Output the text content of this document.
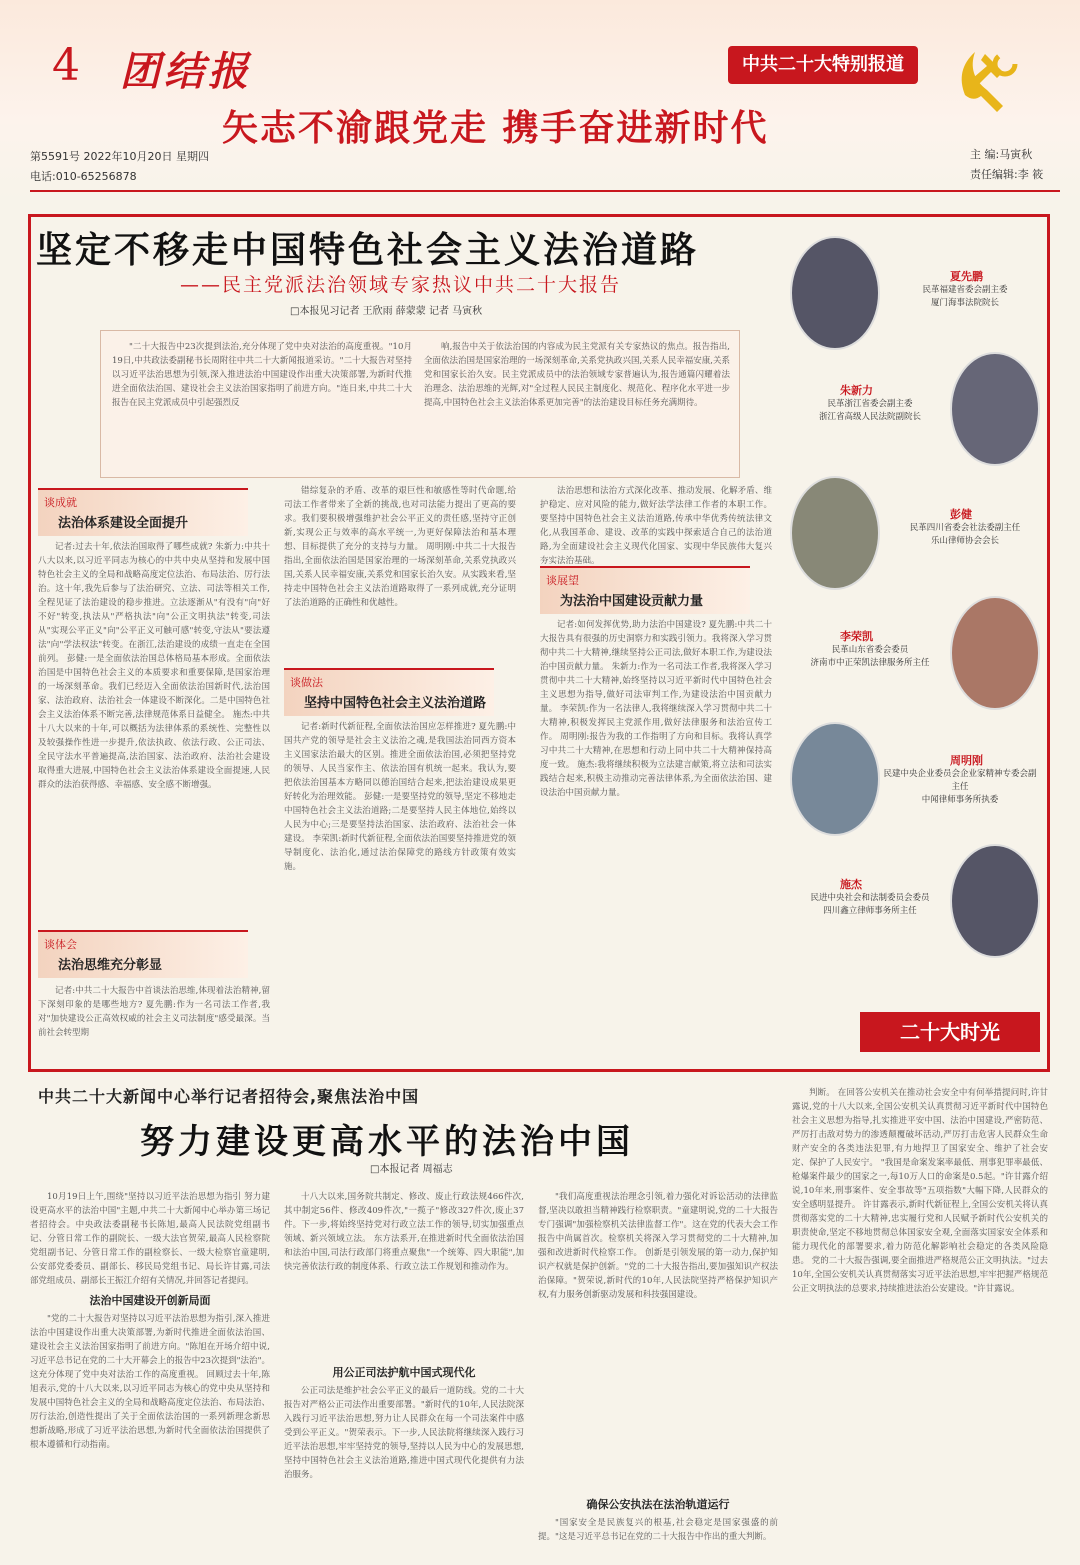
4 团结报	中共二十大特别报道
矢志不渝跟党走 携手奋进新时代
第5591号 2022年10月20日 星期四
电话:010-65256878
主 编:马寅秋
责任编辑:李 筱
坚定不移走中国特色社会主义法治道路
——民主党派法治领域专家热议中共二十大报告
□本报见习记者 王欣雨 薛蒙蒙 记者 马寅秋

"二十大报告中23次提到法治,充分体现了党中央对法治的高度重视。"10月19日,中共政法委副秘书长周附往中共二十大新闻报道采访。"二十大报告对坚持以习近平法治思想为引领,深入推进法治中国建设作出重大决策部署,为新时代推进全面依法治国、建设社会主义法治国家指明了前进方向。"连日来,中共二十大报告在民主党派成员中引起强烈反

响,报告中关于依法治国的内容成为民主党派有关专家热议的焦点。报告指出,全面依法治国是国家治理的一场深刻革命,关系党执政兴国,关系人民幸福安康,关系党和国家长治久安。民主党派成员中的法治领域专家普遍认为,报告通篇闪耀着法治理念、法治思维的光辉,对"全过程人民民主制度化、规范化、程序化水平进一步提高,中国特色社会主义法治体系更加完善"的法治建设目标任务充满期待。

谈成就
法治体系建设全面提升
谈体会
法治思维充分彰显
谈做法
坚持中国特色社会主义法治道路
谈展望
为法治中国建设贡献力量

记者:过去十年,依法治国取得了哪些成就? 朱新力:中共十八大以来,以习近平同志为核心的中共中央从坚持和发展中国特色社会主义的全局和战略高度定位法治、布局法治、厉行法治。这十年,我先后参与了法治研究、立法、司法等相关工作,全程见证了法治建设的稳步推进。立法逐渐从"有没有"向"好不好"转变,执法从"严格执法"向"公正文明执法"转变,司法从"实现公平正义"向"公平正义可触可感"转变,守法从"要法遵法"向"学法权法"转变。在浙江,法治建设的成绩一直走在全国前列。 彭健:一是全面依法治国总体格局基本形成。全面依法治国是中国特色社会主义的本质要求和重要保障,是国家治理的一场深刻革命。我们已经迈入全面依法治国新时代,法治国家、法治政府、法治社会一体建设不断深化。二是中国特色社会主义法治体系不断完善,法律规范体系日益健全。 施杰:中共十八大以来的十年,可以概括为法律体系的系统性、完整性以及较强操作性进一步提升,依法执政、依法行政、公正司法、全民守法水平普遍提高,法治国家、法治政府、法治社会建设取得重大进展,中国特色社会主义法治体系建设全面提速,人民群众的法治获得感、幸福感、安全感不断增强。

记者:中共二十大报告中首谈法治思维,体现着法治精神,留下深刻印象的是哪些地方? 夏先鹏:作为一名司法工作者,我对"加快建设公正高效权威的社会主义司法制度"感受最深。当前社会转型期

错综复杂的矛盾、改革的艰巨性和敏感性等时代命题,给司法工作者带来了全新的挑战,也对司法能力提出了更高的要求。我们要积极增强维护社会公平正义的责任感,坚持守正创新,实现公正与效率的高水平统一,为更好保障法治和基本理想、目标提供了充分的支持与力量。 周明刚:中共二十大报告指出,全面依法治国是国家治理的一场深刻革命,关系党执政兴国,关系人民幸福安康,关系党和国家长治久安。从实践来看,坚持走中国特色社会主义法治道路取得了一系列成就,充分证明了法治道路的正确性和优越性。

记者:新时代新征程,全面依法治国应怎样推进? 夏先鹏:中国共产党的领导是社会主义法治之魂,是我国法治同西方资本主义国家法治最大的区别。推进全面依法治国,必须把坚持党的领导、人民当家作主、依法治国有机统一起来。我认为,要把依法治国基本方略同以德治国结合起来,把法治建设成果更好转化为治理效能。 彭健:一是要坚持党的领导,坚定不移地走中国特色社会主义法治道路;二是要坚持人民主体地位,始终以人民为中心;三是要坚持法治国家、法治政府、法治社会一体建设。 李荣凯:新时代新征程,全面依法治国要坚持推进党的领导制度化、法治化,通过法治保障党的路线方针政策有效实施。

法治思想和法治方式深化改革、推动发展、化解矛盾、维护稳定、应对风险的能力,做好法学法律工作者的本职工作。要坚持中国特色社会主义法治道路,传承中华优秀传统法律文化,从我国革命、建设、改革的实践中探索适合自己的法治道路,为全面建设社会主义现代化国家、实现中华民族伟大复兴夯实法治基础。

记者:如何发挥优势,助力法治中国建设? 夏先鹏:中共二十大报告具有很强的历史洞察力和实践引领力。我将深入学习贯彻中共二十大精神,继续坚持公正司法,做好本职工作,为建设法治中国贡献力量。 朱新力:作为一名司法工作者,我将深入学习贯彻中共二十大精神,始终坚持以习近平新时代中国特色社会主义思想为指导,做好司法审判工作,为建设法治中国贡献力量。 李荣凯:作为一名法律人,我将继续深入学习贯彻中共二十大精神,积极发挥民主党派作用,做好法律服务和法治宣传工作。 周明刚:报告为我的工作指明了方向和目标。我将认真学习中共二十大精神,在思想和行动上同中共二十大精神保持高度一致。 施杰:我将继续积极为立法建言献策,将立法和司法实践结合起来,积极主动推动完善法律体系,为全面依法治国、建设法治中国贡献力量。

夏先鹏
民革福建省委会副主委
厦门海事法院院长
朱新力
民革浙江省委会副主委
浙江省高级人民法院副院长
彭健
民革四川省委会社法委副主任
乐山律师协会会长
李荣凯
民革山东省委会委员
济南市中正荣凯法律服务所主任
周明刚
民建中央企业委员会企业家精神专委会副主任
中闻律师事务所执委
施杰
民进中央社会和法制委员会委员
四川鑫立律师事务所主任
二十大时光
中共二十大新闻中心举行记者招待会,聚焦法治中国
努力建设更高水平的法治中国
□本报记者 周福志

10月19日上午,围绕"坚持以习近平法治思想为指引 努力建设更高水平的法治中国"主题,中共二十大新闻中心举办第三场记者招待会。中央政法委副秘书长陈旭,最高人民法院党组副书记、分管日常工作的副院长、一级大法官贺荣,最高人民检察院党组副书记、分管日常工作的副检察长、一级大检察官童建明,公安部党委委员、副部长、移民局党组书记、局长许甘露,司法部党组成员、副部长王振江介绍有关情况,并回答记者提问。

法治中国建设开创新局面

"党的二十大报告对坚持以习近平法治思想为指引,深入推进法治中国建设作出重大决策部署,为新时代推进全面依法治国、建设社会主义法治国家指明了前进方向。"陈旭在开场介绍中说,习近平总书记在党的二十大开幕会上的报告中23次提到"法治"。这充分体现了党中央对法治工作的高度重视。 回顾过去十年,陈旭表示,党的十八大以来,以习近平同志为核心的党中央从坚持和发展中国特色社会主义的全局和战略高度定位法治、布局法治、厉行法治,创造性提出了关于全面依法治国的一系列新理念新思想新战略,形成了习近平法治思想,为新时代全面依法治国提供了根本遵循和行动指南。

十八大以来,国务院共制定、修改、废止行政法规466件次,其中制定56件、修改409件次,"一揽子"修改327件次,废止37件。下一步,将始终坚持党对行政立法工作的领导,切实加强重点领域、新兴领域立法。 东方法系开,在推进新时代全面依法治国和法治中国,司法行政部门将重点聚焦"一个统筹、四大职能",加快完善依法行政的制度体系、行政立法工作规划和推动作为。

用公正司法护航中国式现代化

公正司法是维护社会公平正义的最后一道防线。党的二十大报告对严格公正司法作出重要部署。"新时代的10年,人民法院深入践行习近平法治思想,努力让人民群众在每一个司法案件中感受到公平正义。"贺荣表示。下一步,人民法院将继续深入践行习近平法治思想,牢牢坚持党的领导,坚持以人民为中心的发展思想,坚持中国特色社会主义法治道路,推进中国式现代化提供有力法治服务。

"我们高度重视法治理念引领,着力强化对诉讼活动的法律监督,坚决以敢担当精神践行检察职责。"童建明说,党的二十大报告专门强调"加强检察机关法律监督工作"。这在党的代表大会工作报告中尚属首次。检察机关将深入学习贯彻党的二十大精神,加强和改进新时代检察工作。 创新是引领发展的第一动力,保护知识产权就是保护创新。"党的二十大报告指出,要加强知识产权法治保障。"贺荣说,新时代的10年,人民法院坚持严格保护知识产权,有力服务创新驱动发展和科技强国建设。

确保公安执法在法治轨道运行

"国家安全是民族复兴的根基,社会稳定是国家强盛的前提。"这是习近平总书记在党的二十大报告中作出的重大判断。

判断。 在回答公安机关在推动社会安全中有何举措提问时,许甘露说,党的十八大以来,全国公安机关认真贯彻习近平新时代中国特色社会主义思想为指导,扎实推进平安中国、法治中国建设,严密防范、严厉打击敌对势力的渗透颠覆破坏活动,严厉打击危害人民群众生命财产安全的各类违法犯罪,有力地捍卫了国家安全、维护了社会安定、保护了人民安宁。 "我国是命案发案率最低、刑事犯罪率最低、枪爆案件最少的国家之一,每10万人口的命案是0.5起。"许甘露介绍说,10年来,刑事案件、安全事故等"五项指数"大幅下降,人民群众的安全感明显提升。 许甘露表示,新时代新征程上,全国公安机关将认真贯彻落实党的二十大精神,忠实履行党和人民赋予新时代公安机关的职责使命,坚定不移地贯彻总体国家安全观,全面落实国家安全体系和能力现代化的部署要求,着力防范化解影响社会稳定的各类风险隐患。 党的二十大报告强调,要全面推进严格规范公正文明执法。"过去10年,全国公安机关认真贯彻落实习近平法治思想,牢牢把握严格规范公正文明执法的总要求,持续推进法治公安建设。"许甘露说。
